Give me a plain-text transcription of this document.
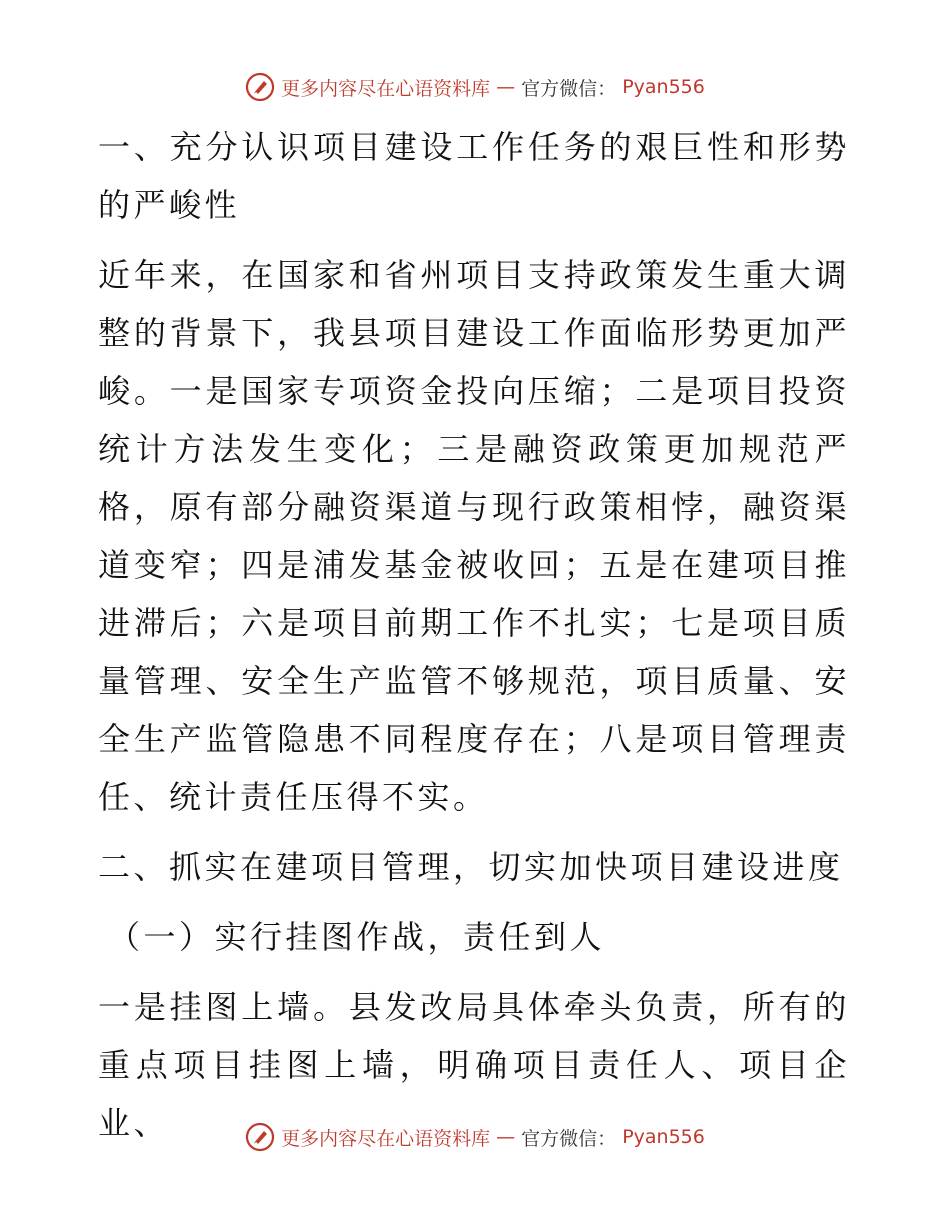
更多内容尽在心语资料库 — 官方微信： Pyan556

一、充分认识项目建设工作任务的艰巨性和形势的严峻性

近年来，在国家和省州项目支持政策发生重大调整的背景下，我县项目建设工作面临形势更加严峻。一是国家专项资金投向压缩；二是项目投资统计方法发生变化；三是融资政策更加规范严格，原有部分融资渠道与现行政策相悖，融资渠道变窄；四是浦发基金被收回；五是在建项目推进滞后；六是项目前期工作不扎实；七是项目质量管理、安全生产监管不够规范，项目质量、安全生产监管隐患不同程度存在；八是项目管理责任、统计责任压得不实。

二、抓实在建项目管理，切实加快项目建设进度

（一）实行挂图作战，责任到人

一是挂图上墙。县发改局具体牵头负责，所有的重点项目挂图上墙，明确项目责任人、项目企业、	更多内容尽在心语资料库 — 官方微信： Pyan556
